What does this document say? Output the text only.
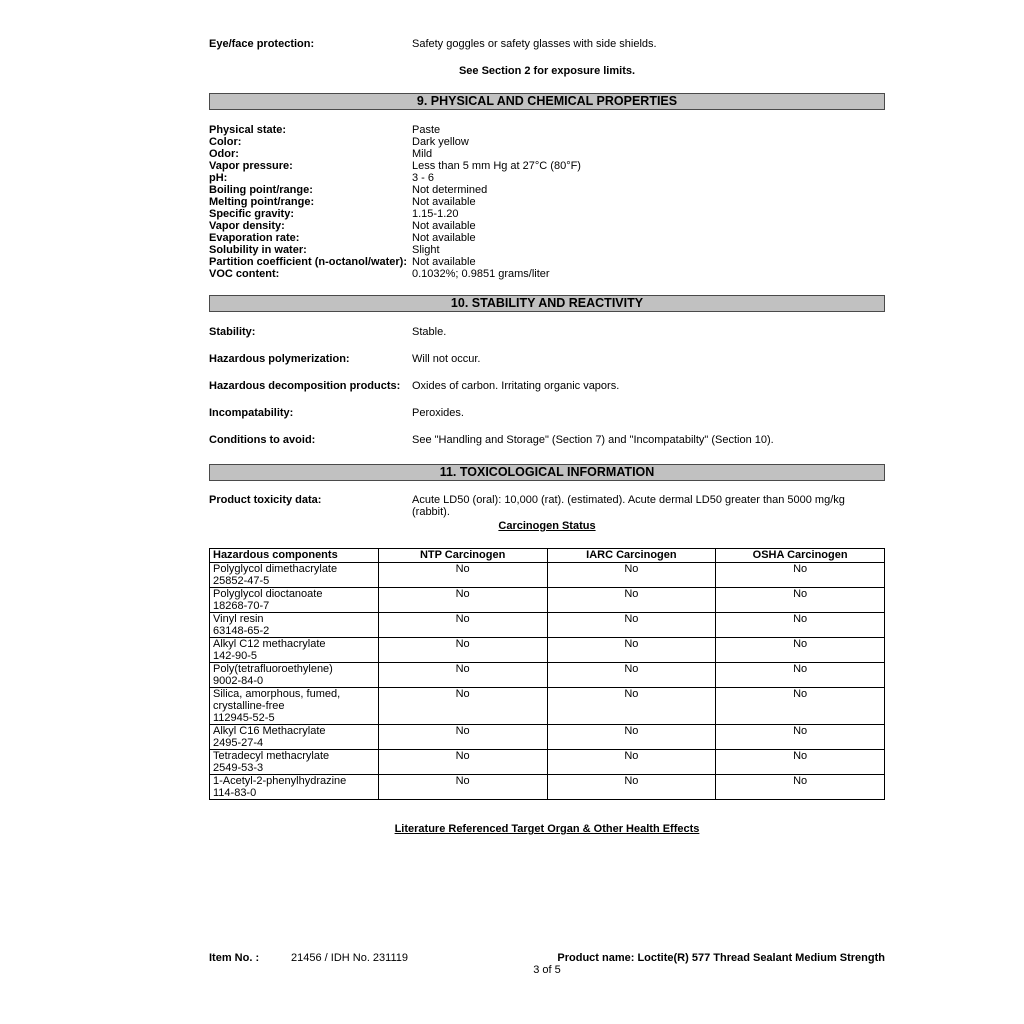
Eye/face protection:	Safety goggles or safety glasses with side shields.
See Section 2 for exposure limits.
9. PHYSICAL AND CHEMICAL PROPERTIES
Physical state:	Paste
Color:	Dark yellow
Odor:	Mild
Vapor pressure:	Less than 5 mm Hg at 27°C (80°F)
pH:	3 - 6
Boiling point/range:	Not determined
Melting point/range:	Not available
Specific gravity:	1.15-1.20
Vapor density:	Not available
Evaporation rate:	Not available
Solubility in water:	Slight
Partition coefficient (n-octanol/water): Not available
VOC content:	0.1032%; 0.9851 grams/liter
10. STABILITY AND REACTIVITY
Stability:	Stable.
Hazardous polymerization:	Will not occur.
Hazardous decomposition products:	Oxides of carbon. Irritating organic vapors.
Incompatability:	Peroxides.
Conditions to avoid:	See "Handling and Storage" (Section 7) and "Incompatabilty" (Section 10).
11. TOXICOLOGICAL INFORMATION
Product toxicity data:	Acute LD50 (oral): 10,000 (rat). (estimated). Acute dermal LD50 greater than 5000 mg/kg (rabbit).
Carcinogen Status
Hazardous components	NTP Carcinogen	IARC Carcinogen	OSHA Carcinogen

Polyglycol dimethacrylate
25852-47-5	No	No	No

Polyglycol dioctanoate
18268-70-7	No	No	No

Vinyl resin
63148-65-2	No	No	No

Alkyl C12 methacrylate
142-90-5	No	No	No

Poly(tetrafluoroethylene)
9002-84-0	No	No	No

Silica, amorphous, fumed,
crystalline-free
112945-52-5	No	No	No

Alkyl C16 Methacrylate
2495-27-4	No	No	No

Tetradecyl methacrylate
2549-53-3	No	No	No

1-Acetyl-2-phenylhydrazine
114-83-0	No	No	No
Literature Referenced Target Organ & Other Health Effects
Item No. :	21456 / IDH No. 231119	Product name: Loctite(R) 577 Thread Sealant Medium Strength
3 of 5
